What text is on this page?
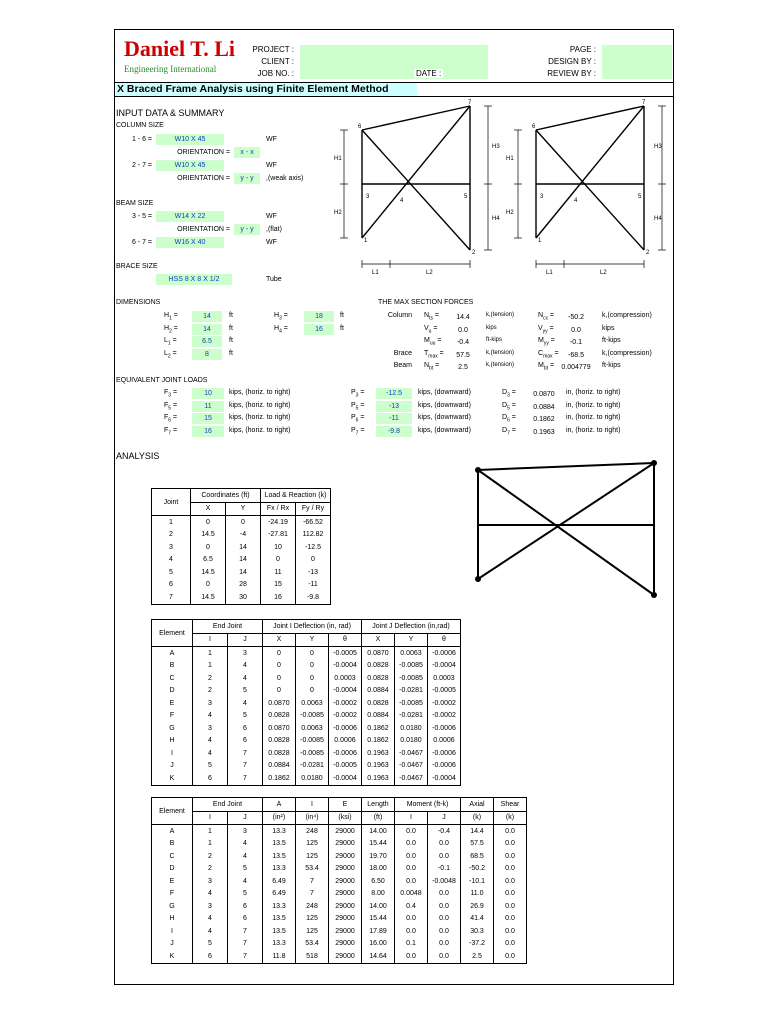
Daniel T. Li
Engineering International
PROJECT :
CLIENT :
JOB NO. :	DATE :
PAGE :
DESIGN BY :
REVIEW BY :
X Braced Frame Analysis using Finite Element Method
INPUT DATA & SUMMARY
COLUMN SIZE
1 - 6 =	W10 X 45	WF
ORIENTATION =	x - x
2 - 7 =	W10 X 45	WF
ORIENTATION =	y - y	,(weak axis)
BEAM SIZE
3 - 5 =	W14 X 22	WF
ORIENTATION =	y - y	,(flat)
6 - 7 =	W16 X 40	WF
BRACE SIZE
HSS 8 X 8 X 1/2	Tube
1
2
3
4
5
6
7
H1
H2
H3
H4
L1	L2
1
2
3
4
5
6
7
H1
H2
H3
H4
L1	L2
DIMENSIONS
$H_1$ =	14	ft	$H_3$ =	18	ft
$H_2$ =	14	ft	$H_4$ =	16	ft
$L_1$ =	6.5	ft
$L_2$ =	8	ft
THE MAX SECTION FORCES
Column $N_{ts}$ =	14.4	k,(tension)	$N_{cc}$ =	-50.2	k,(compression)
$V_u$ =	0.0	kips	$V_{yy}$ =	0.0	kips
$M_{uu}$ =	-0.4	ft-kips	$M_{yy}$ =	-0.1	ft-kips
Brace $T_{max}$ =	57.5	k,(tension)	$C_{max}$ =	-68.5	k,(compression)
Beam $N_{bt}$ =	2.5	k,(tension)	$M_{bt}$ =	0.004779	ft-kips
EQUIVALENT JOINT LOADS
$F_3$ =	10	kips, (horiz. to right)	$P_3$ =	-12.5	kips, (downward)	$D_3$ =	0.0870	in, (horiz. to right)
$F_5$ =	11	kips, (horiz. to right)	$P_5$ =	-13	kips, (downward)	$D_5$ =	0.0884	in, (horiz. to right)
$F_6$ =	15	kips, (horiz. to right)	$P_6$ =	-11	kips, (downward)	$D_6$ =	0.1862	in, (horiz. to right)
$F_7$ =	16	kips, (horiz. to right)	$P_7$ =	-9.8	kips, (downward)	$D_7$ =	0.1963	in, (horiz. to right)
ANALYSIS
Joint	Coordinates (ft)		Load & Reaction (k)	
	X	Y	Fx / Rx	Fy / Ry
1	0	0	-24.19	-66.52
2	14.5	-4	-27.81	112.82
3	0	14	10	-12.5
4	6.5	14	0	0
5	14.5	14	11	-13
6	0	28	15	-11
7	14.5	30	16	-9.8
Element	End Joint		Joint I Deflection (in, rad)			Joint J Deflection (in,rad)		
	I	J	X	Y	θ	X	Y	θ
A	1	3	0	0	-0.0005	0.0870	0.0063	-0.0006
B	1	4	0	0	-0.0004	0.0828	-0.0085	-0.0004
C	2	4	0	0	0.0003	0.0828	-0.0085	0.0003
D	2	5	0	0	-0.0004	0.0884	-0.0281	-0.0005
E	3	4	0.0870	0.0063	-0.0002	0.0828	-0.0085	-0.0002
F	4	5	0.0828	-0.0085	-0.0002	0.0884	-0.0281	-0.0002
G	3	6	0.0870	0.0063	-0.0006	0.1862	0.0180	-0.0006
H	4	6	0.0828	-0.0085	0.0006	0.1862	0.0180	0.0006
I	4	7	0.0828	-0.0085	-0.0006	0.1963	-0.0467	-0.0006
J	5	7	0.0884	-0.0281	-0.0005	0.1963	-0.0467	-0.0006
K	6	7	0.1862	0.0180	-0.0004	0.1963	-0.0467	-0.0004
Element	End Joint		A	I	E	Length	Moment (ft-k)		Axial	Shear
	I	J	(in²)	(in⁴)	(ksi)	(ft)	I	J	(k)	(k)
A	1	3	13.3	248	29000	14.00	0.0	-0.4	14.4	0.0
B	1	4	13.5	125	29000	15.44	0.0	0.0	57.5	0.0
C	2	4	13.5	125	29000	19.70	0.0	0.0	68.5	0.0
D	2	5	13.3	53.4	29000	18.00	0.0	-0.1	-50.2	0.0
E	3	4	6.49	7	29000	6.50	0.0	-0.0048	-10.1	0.0
F	4	5	6.49	7	29000	8.00	0.0048	0.0	11.0	0.0
G	3	6	13.3	248	29000	14.00	0.4	0.0	26.9	0.0
H	4	6	13.5	125	29000	15.44	0.0	0.0	41.4	0.0
I	4	7	13.5	125	29000	17.89	0.0	0.0	30.3	0.0
J	5	7	13.3	53.4	29000	16.00	0.1	0.0	-37.2	0.0
K	6	7	11.8	518	29000	14.64	0.0	0.0	2.5	0.0
